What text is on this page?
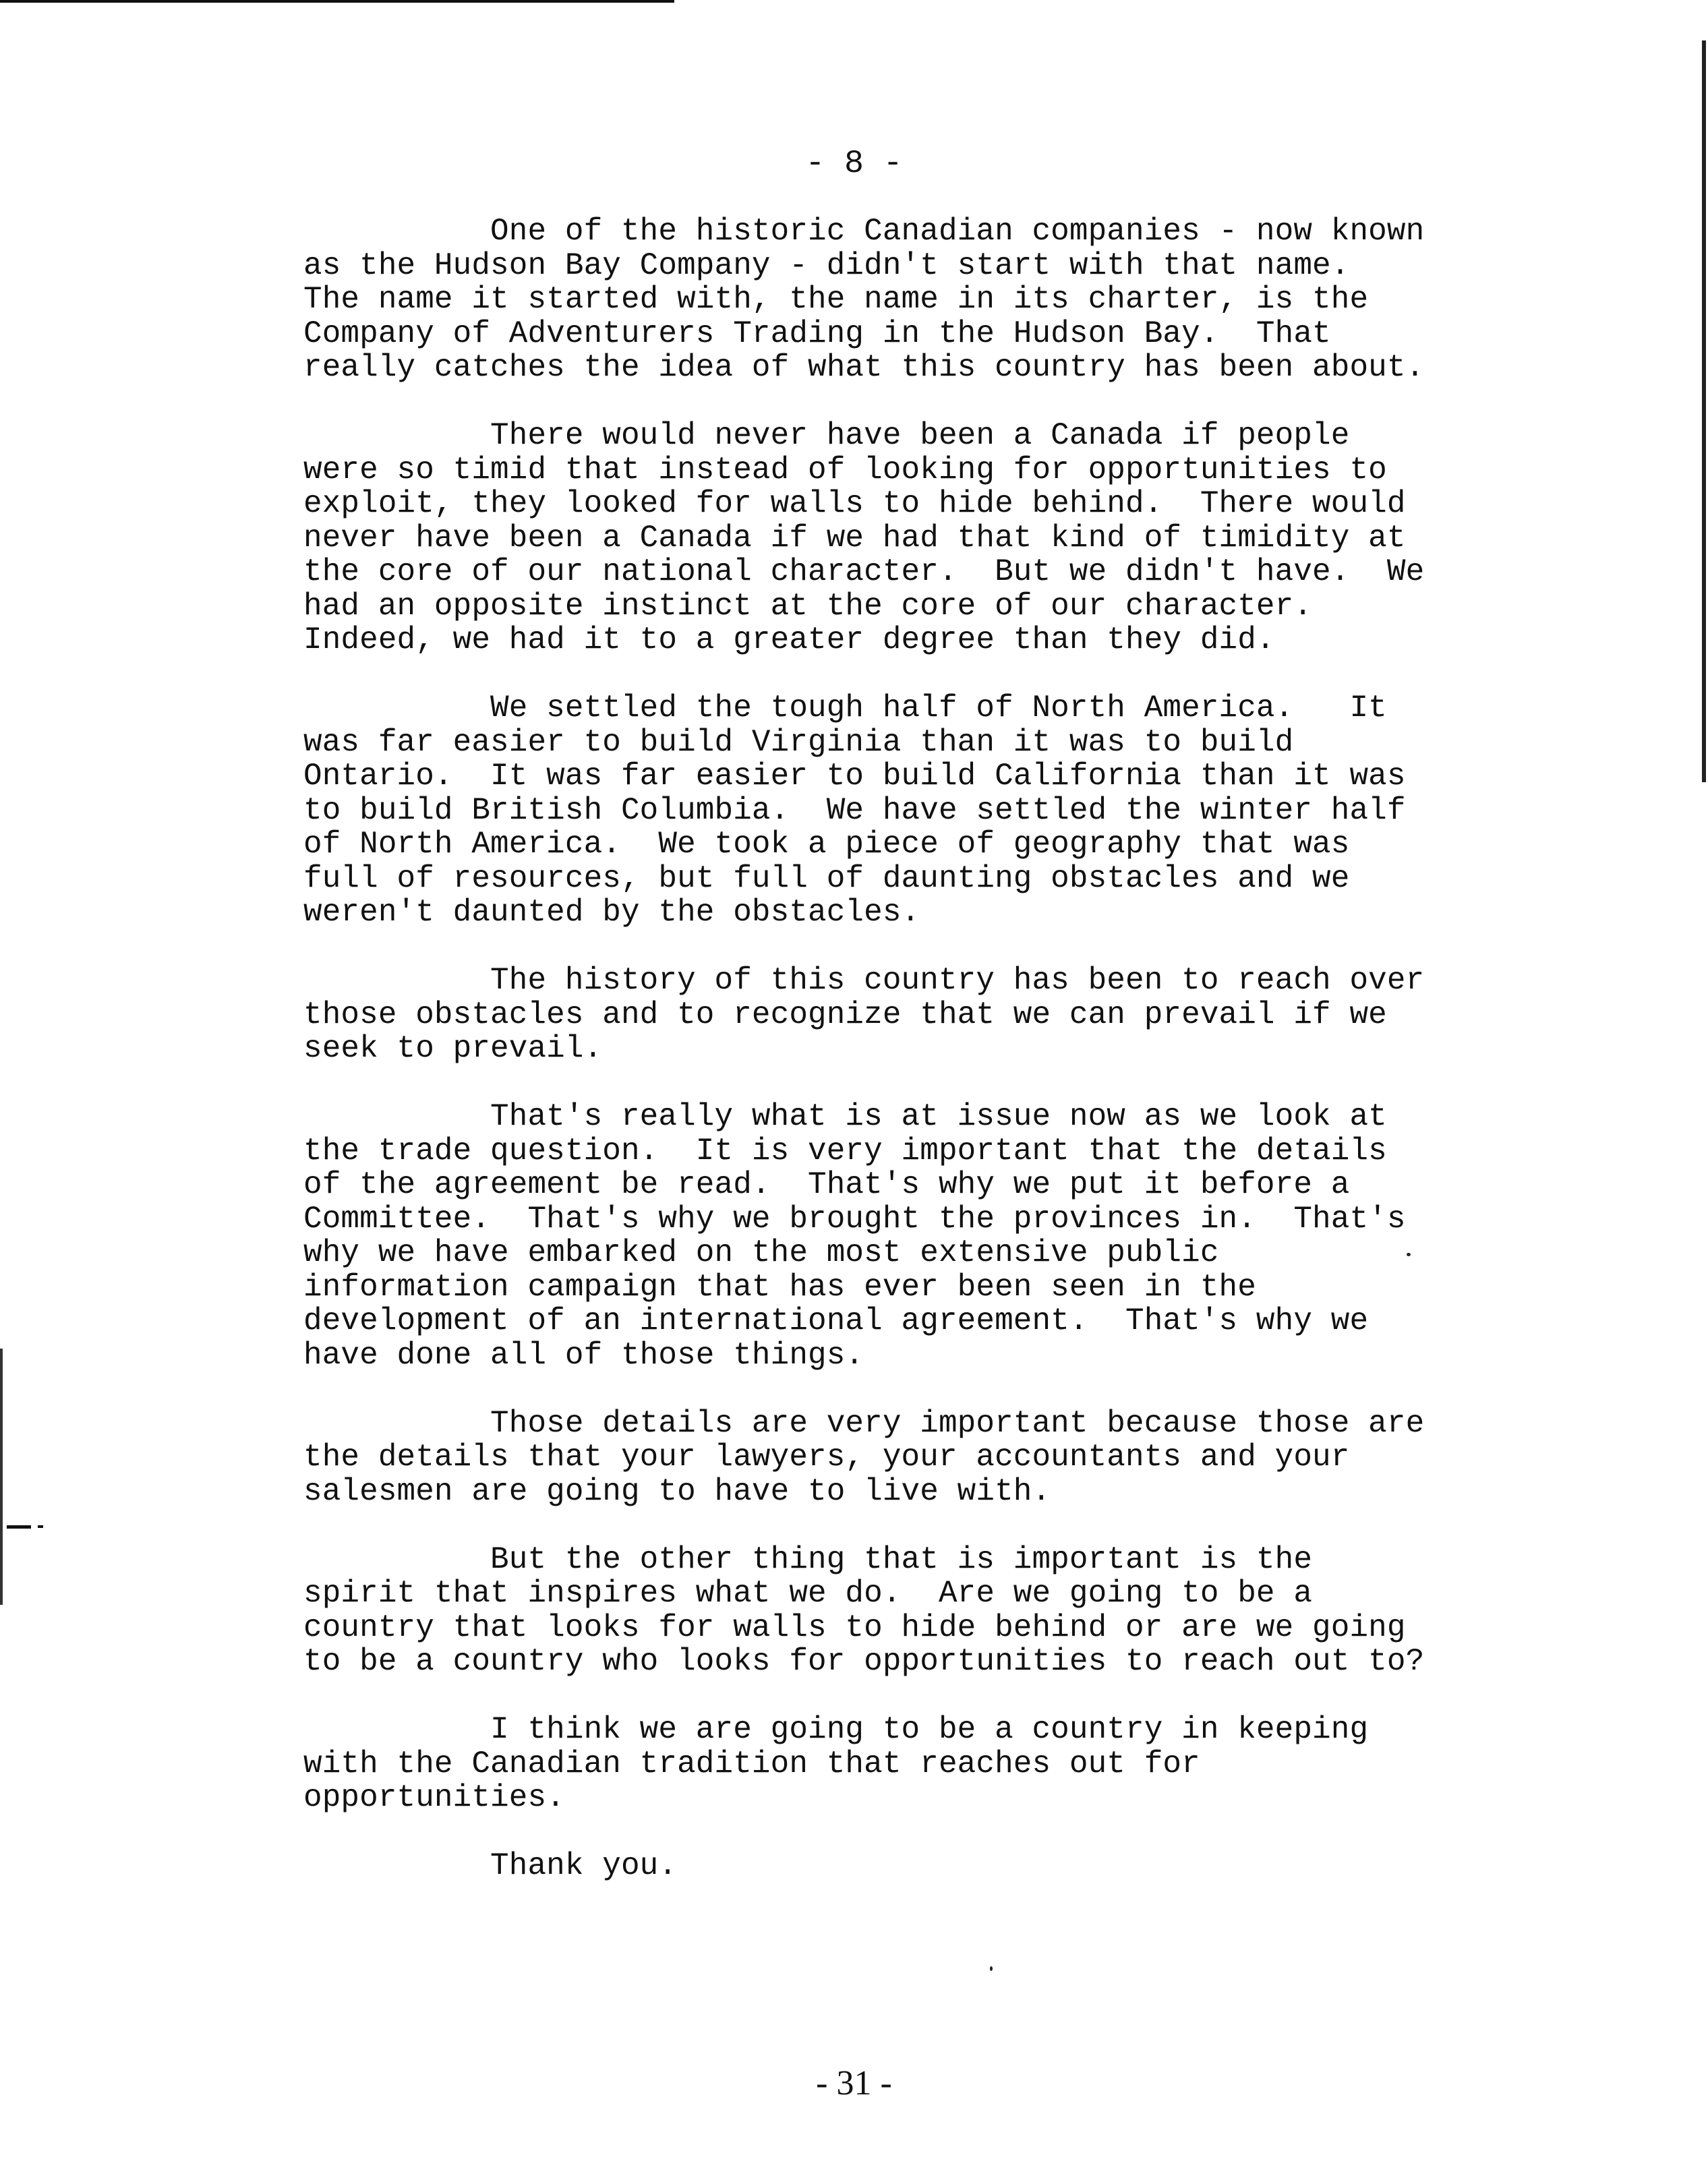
- 8 -
One of the historic Canadian companies - now known
as the Hudson Bay Company - didn't start with that name.
The name it started with, the name in its charter, is the
Company of Adventurers Trading in the Hudson Bay.  That
really catches the idea of what this country has been about.
There would never have been a Canada if people
were so timid that instead of looking for opportunities to
exploit, they looked for walls to hide behind.  There would
never have been a Canada if we had that kind of timidity at
the core of our national character.  But we didn't have.  We
had an opposite instinct at the core of our character.
Indeed, we had it to a greater degree than they did.
We settled the tough half of North America.   It
was far easier to build Virginia than it was to build
Ontario.  It was far easier to build California than it was
to build British Columbia.  We have settled the winter half
of North America.  We took a piece of geography that was
full of resources, but full of daunting obstacles and we
weren't daunted by the obstacles.
The history of this country has been to reach over
those obstacles and to recognize that we can prevail if we
seek to prevail.
That's really what is at issue now as we look at
the trade question.  It is very important that the details
of the agreement be read.  That's why we put it before a
Committee.  That's why we brought the provinces in.  That's
why we have embarked on the most extensive public
information campaign that has ever been seen in the
development of an international agreement.  That's why we
have done all of those things.
Those details are very important because those are
the details that your lawyers, your accountants and your
salesmen are going to have to live with.
But the other thing that is important is the
spirit that inspires what we do.  Are we going to be a
country that looks for walls to hide behind or are we going
to be a country who looks for opportunities to reach out to?
I think we are going to be a country in keeping
with the Canadian tradition that reaches out for
opportunities.
Thank you.
- 31 -
